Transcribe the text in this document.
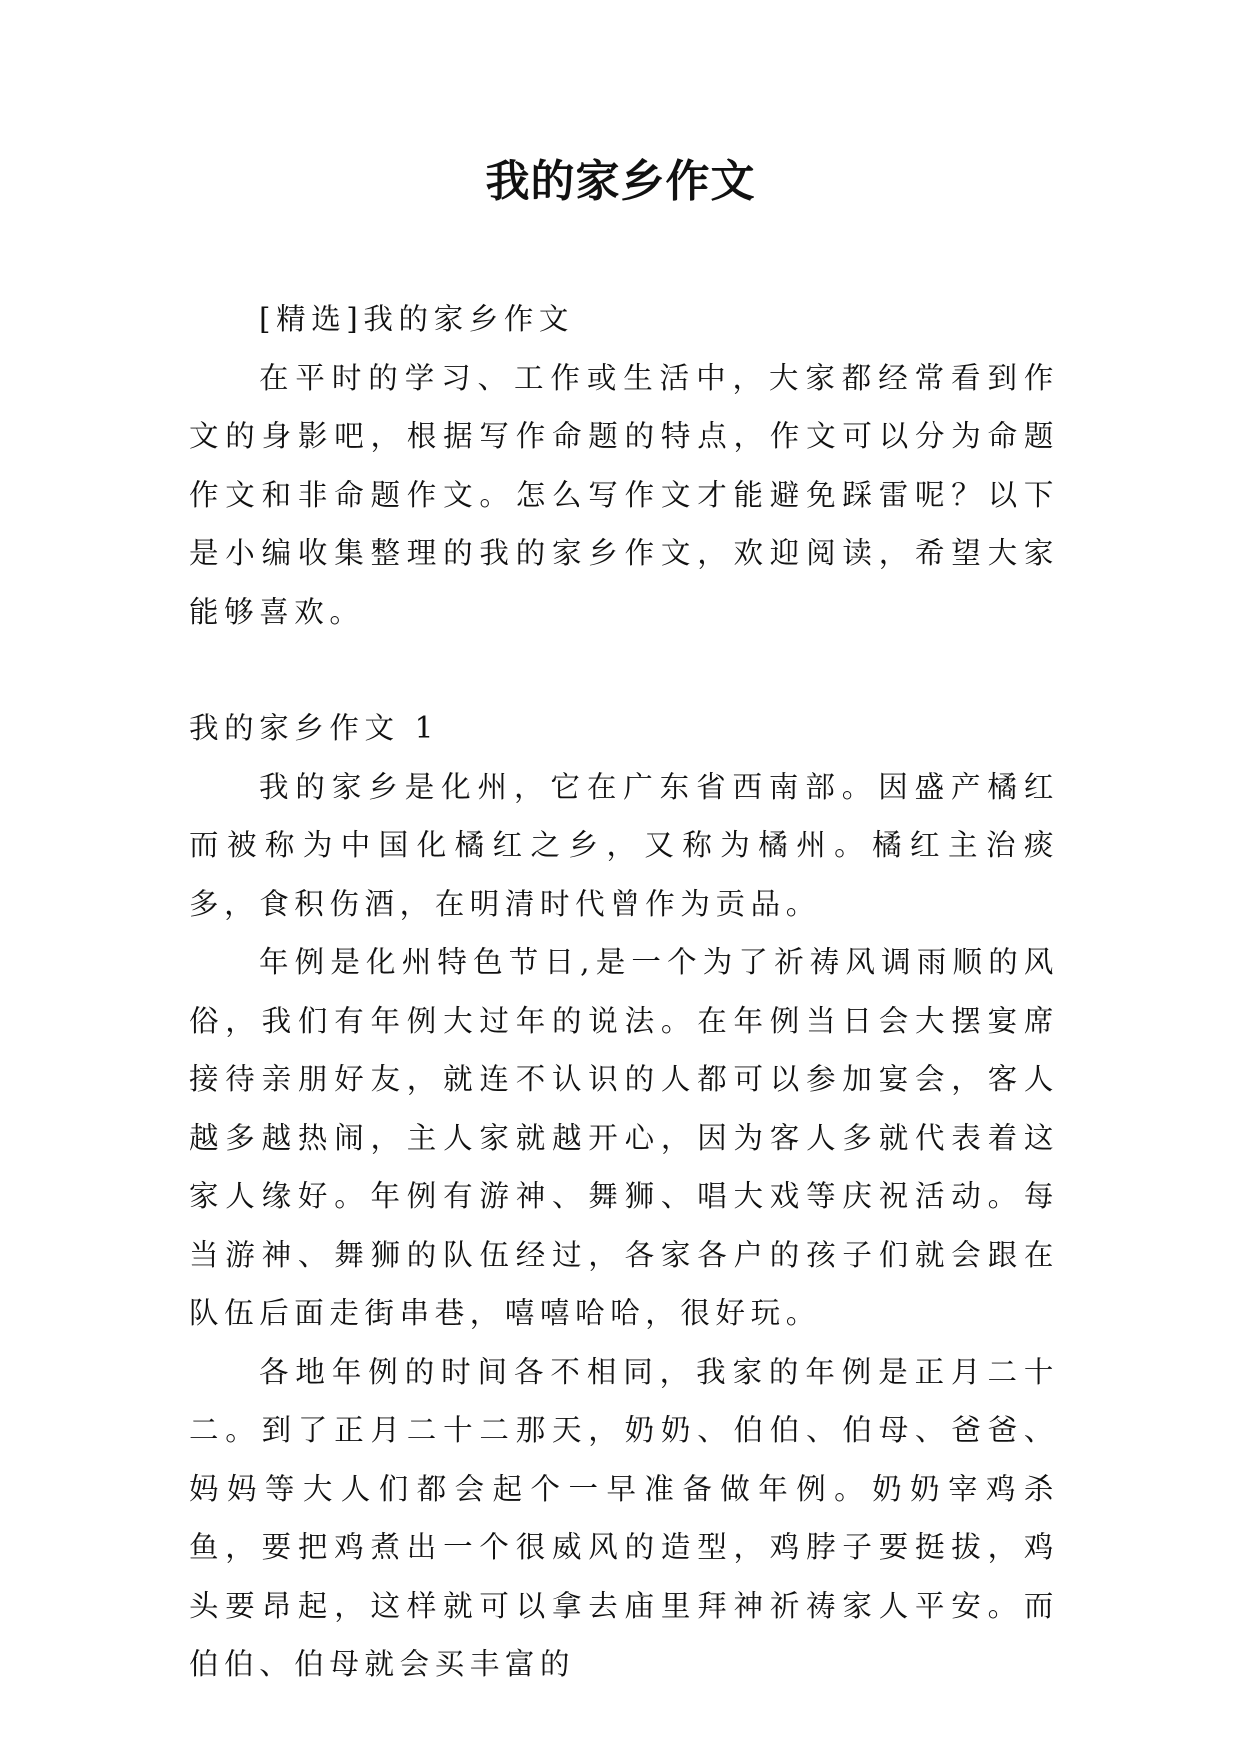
我的家乡作文

[精选]我的家乡作文

在平时的学习、工作或生活中，大家都经常看到作文的身影吧，根据写作命题的特点，作文可以分为命题作文和非命题作文。怎么写作文才能避免踩雷呢？以下是小编收集整理的我的家乡作文，欢迎阅读，希望大家能够喜欢。

我的家乡作文 1

我的家乡是化州，它在广东省西南部。因盛产橘红而被称为中国化橘红之乡，又称为橘州。橘红主治痰多，食积伤酒，在明清时代曾作为贡品。

年例是化州特色节日,是一个为了祈祷风调雨顺的风俗，我们有年例大过年的说法。在年例当日会大摆宴席接待亲朋好友，就连不认识的人都可以参加宴会，客人越多越热闹，主人家就越开心，因为客人多就代表着这家人缘好。年例有游神、舞狮、唱大戏等庆祝活动。每当游神、舞狮的队伍经过，各家各户的孩子们就会跟在队伍后面走街串巷，嘻嘻哈哈，很好玩。

各地年例的时间各不相同，我家的年例是正月二十二。到了正月二十二那天，奶奶、伯伯、伯母、爸爸、妈妈等大人们都会起个一早准备做年例。奶奶宰鸡杀鱼，要把鸡煮出一个很威风的造型，鸡脖子要挺拔，鸡头要昂起，这样就可以拿去庙里拜神祈祷家人平安。而伯伯、伯母就会买丰富的
